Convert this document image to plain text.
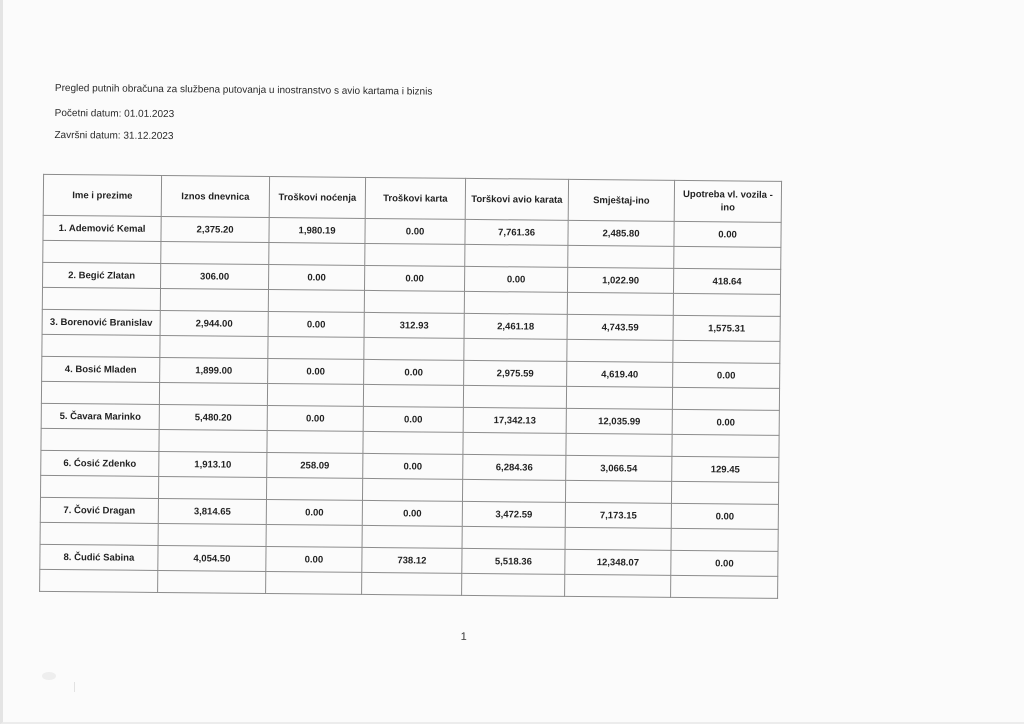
Pregled putnih obračuna za službena putovanja u inostranstvo s avio kartama i biznis
Početni datum: 01.01.2023
Završni datum: 31.12.2023
Ime i prezime	Iznos dnevnica	Troškovi noćenja	Troškovi karta	Torškovi avio karata	Smještaj-ino	Upotreba vl. vozila - ino
1. Ademović Kemal	2,375.20	1,980.19	0.00	7,761.36	2,485.80	0.00

2. Begić Zlatan	306.00	0.00	0.00	0.00	1,022.90	418.64

3. Borenović Branislav	2,944.00	0.00	312.93	2,461.18	4,743.59	1,575.31

4. Bosić Mladen	1,899.00	0.00	0.00	2,975.59	4,619.40	0.00

5. Čavara Marinko	5,480.20	0.00	0.00	17,342.13	12,035.99	0.00

6. Ćosić Zdenko	1,913.10	258.09	0.00	6,284.36	3,066.54	129.45

7. Čović Dragan	3,814.65	0.00	0.00	3,472.59	7,173.15	0.00

8. Čudić Sabina	4,054.50	0.00	738.12	5,518.36	12,348.07	0.00

1
